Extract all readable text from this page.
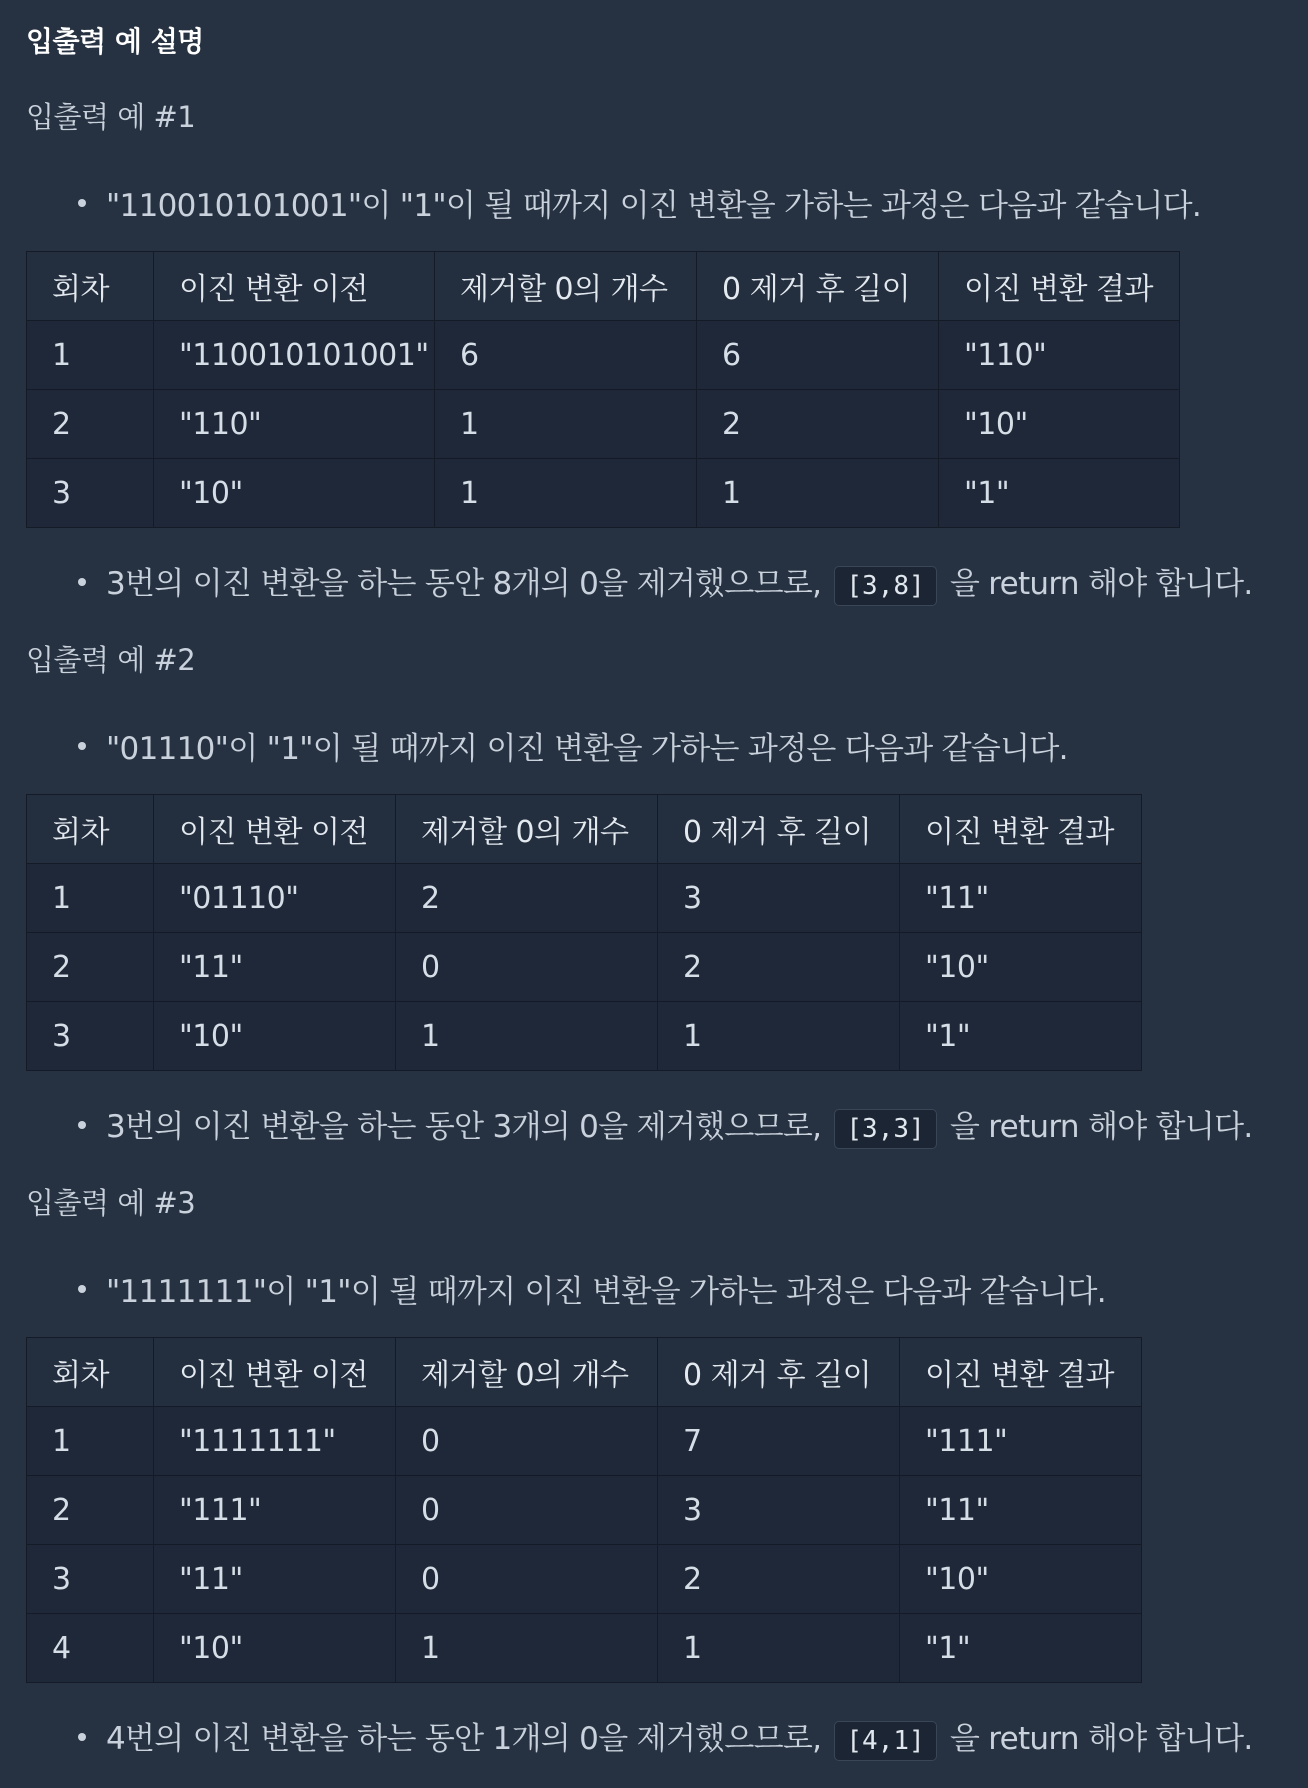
입출력 예 설명
입출력 예 #1

"110010101001"이 "1"이 될 때까지 이진 변환을 가하는 과정은 다음과 같습니다.

회차	이진 변환 이전	제거할 0의 개수	0 제거 후 길이	이진 변환 결과
1	"110010101001"	6	6	"110"
2	"110"	1	2	"10"
3	"10"	1	1	"1"

3번의 이진 변환을 하는 동안 8개의 0을 제거했으므로, [3,8] 을 return 해야 합니다.

입출력 예 #2

"01110"이 "1"이 될 때까지 이진 변환을 가하는 과정은 다음과 같습니다.

회차	이진 변환 이전	제거할 0의 개수	0 제거 후 길이	이진 변환 결과
1	"01110"	2	3	"11"
2	"11"	0	2	"10"
3	"10"	1	1	"1"

3번의 이진 변환을 하는 동안 3개의 0을 제거했으므로, [3,3] 을 return 해야 합니다.

입출력 예 #3

"1111111"이 "1"이 될 때까지 이진 변환을 가하는 과정은 다음과 같습니다.

회차	이진 변환 이전	제거할 0의 개수	0 제거 후 길이	이진 변환 결과
1	"1111111"	0	7	"111"
2	"111"	0	3	"11"
3	"11"	0	2	"10"
4	"10"	1	1	"1"

4번의 이진 변환을 하는 동안 1개의 0을 제거했으므로, [4,1] 을 return 해야 합니다.
